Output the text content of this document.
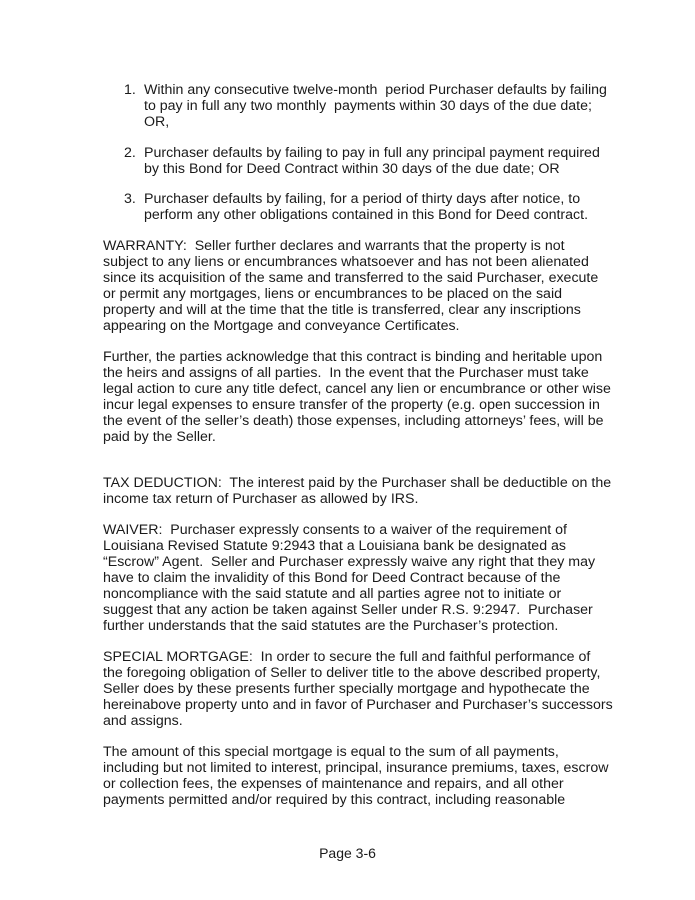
1. Within any consecutive twelve-month  period Purchaser defaults by failing
to pay in full any two monthly  payments within 30 days of the due date;
OR,
2. Purchaser defaults by failing to pay in full any principal payment required
by this Bond for Deed Contract within 30 days of the due date; OR
3. Purchaser defaults by failing, for a period of thirty days after notice, to
perform any other obligations contained in this Bond for Deed contract.
WARRANTY:  Seller further declares and warrants that the property is not
subject to any liens or encumbrances whatsoever and has not been alienated
since its acquisition of the same and transferred to the said Purchaser, execute
or permit any mortgages, liens or encumbrances to be placed on the said
property and will at the time that the title is transferred, clear any inscriptions
appearing on the Mortgage and conveyance Certificates.
Further, the parties acknowledge that this contract is binding and heritable upon
the heirs and assigns of all parties.  In the event that the Purchaser must take
legal action to cure any title defect, cancel any lien or encumbrance or other wise
incur legal expenses to ensure transfer of the property (e.g. open succession in
the event of the seller’s death) those expenses, including attorneys’ fees, will be
paid by the Seller.
TAX DEDUCTION:  The interest paid by the Purchaser shall be deductible on the
income tax return of Purchaser as allowed by IRS.
WAIVER:  Purchaser expressly consents to a waiver of the requirement of
Louisiana Revised Statute 9:2943 that a Louisiana bank be designated as
“Escrow” Agent.  Seller and Purchaser expressly waive any right that they may
have to claim the invalidity of this Bond for Deed Contract because of the
noncompliance with the said statute and all parties agree not to initiate or
suggest that any action be taken against Seller under R.S. 9:2947.  Purchaser
further understands that the said statutes are the Purchaser’s protection.
SPECIAL MORTGAGE:  In order to secure the full and faithful performance of
the foregoing obligation of Seller to deliver title to the above described property,
Seller does by these presents further specially mortgage and hypothecate the
hereinabove property unto and in favor of Purchaser and Purchaser’s successors
and assigns.
The amount of this special mortgage is equal to the sum of all payments,
including but not limited to interest, principal, insurance premiums, taxes, escrow
or collection fees, the expenses of maintenance and repairs, and all other
payments permitted and/or required by this contract, including reasonable
Page 3-6
